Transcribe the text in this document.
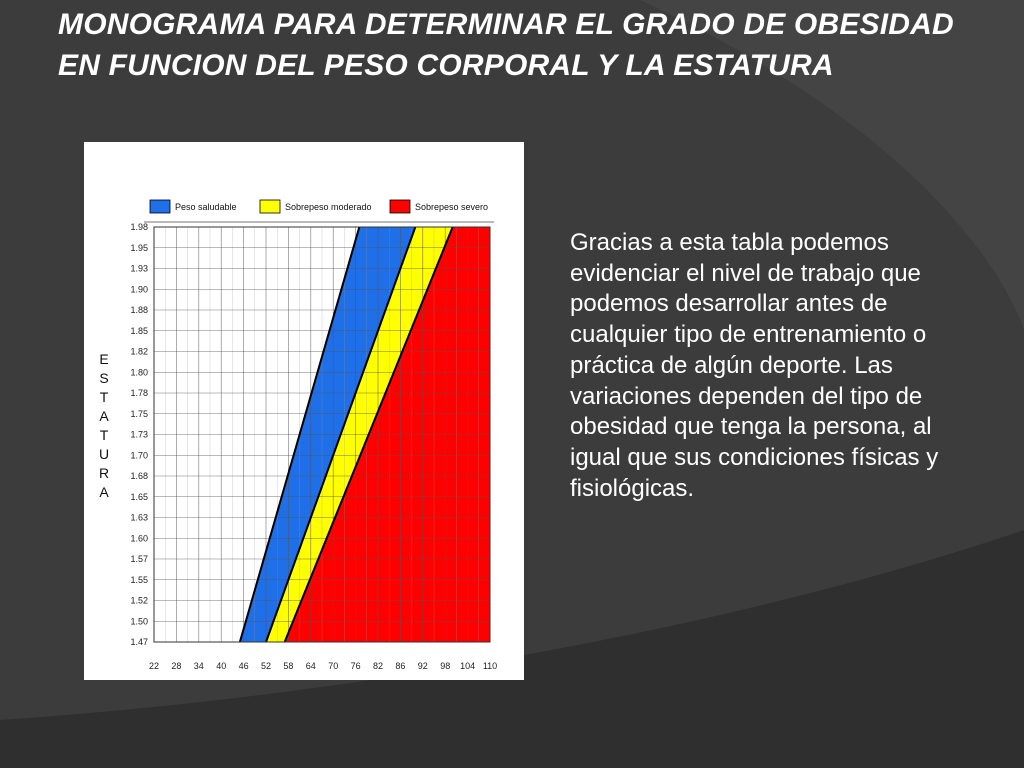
MONOGRAMA PARA DETERMINAR EL GRADO DE OBESIDAD EN FUNCION DEL PESO CORPORAL Y LA ESTATURA
Peso saludable	Sobrepeso moderado	Sobrepeso severo
1.98
1.95
1.93
1.90
1.88
1.85
1.82
1.80
1.78
1.75
1.73
1.70
1.68
1.65
1.63
1.60
1.57
1.55
1.52
1.50
1.47
22 28 34 40 46 52 58 64 70 76 82 86 92 98 104 110
E
S
T
A
T
U
R
A

Gracias a esta tabla podemos evidenciar el nivel de trabajo que podemos desarrollar antes de cualquier tipo de entrenamiento o práctica de algún deporte. Las variaciones dependen del tipo de obesidad que tenga la persona, al igual que sus condiciones físicas y fisiológicas.
